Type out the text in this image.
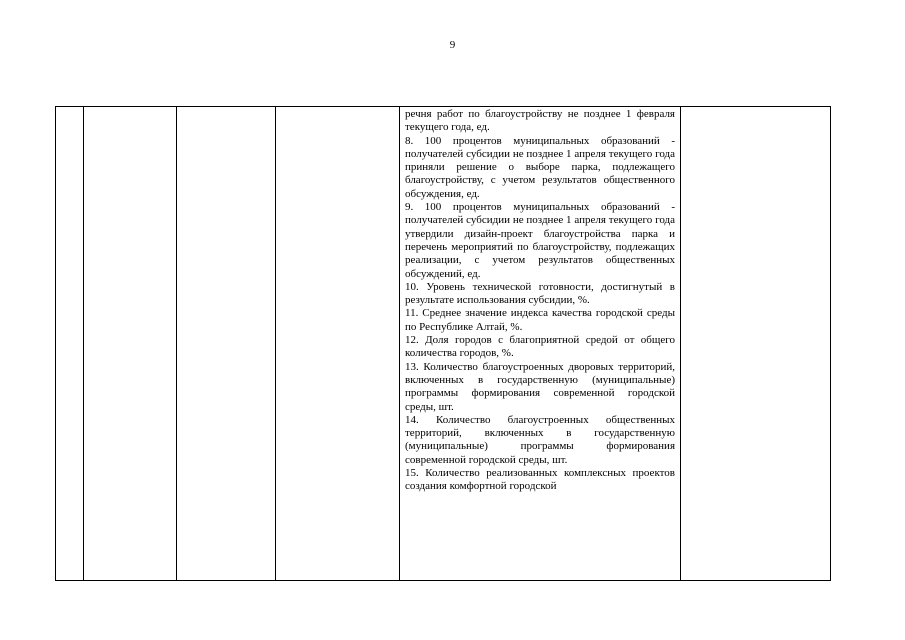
9

речня работ по благоустройству не позднее 1 февраля текущего года, ед.

8. 100 процентов муниципальных образований - получателей субсидии не позднее 1 апреля текущего года приняли решение о выборе парка, подлежащего благоустройству, с учетом результатов общественного обсуждения, ед.

9. 100 процентов муниципальных образований - получателей субсидии не позднее 1 апреля текущего года утвердили дизайн-проект благоустройства парка и перечень мероприятий по благоустройству, подлежащих реализации, с учетом результатов общественных обсуждений, ед.

10. Уровень технической готовности, достигнутый в результате использования субсидии, %.

11. Среднее значение индекса качества городской среды по Республике Алтай, %.

12. Доля городов с благоприятной средой от общего количества городов, %.

13. Количество благоустроенных дворовых территорий, включенных в государственную (муниципальные) программы формирования современной городской среды, шт.

14. Количество благоустроенных общественных территорий, включенных в государственную (муниципальные) программы формирования современной городской среды, шт.

15. Количество реализованных комплексных проектов создания комфортной городской
